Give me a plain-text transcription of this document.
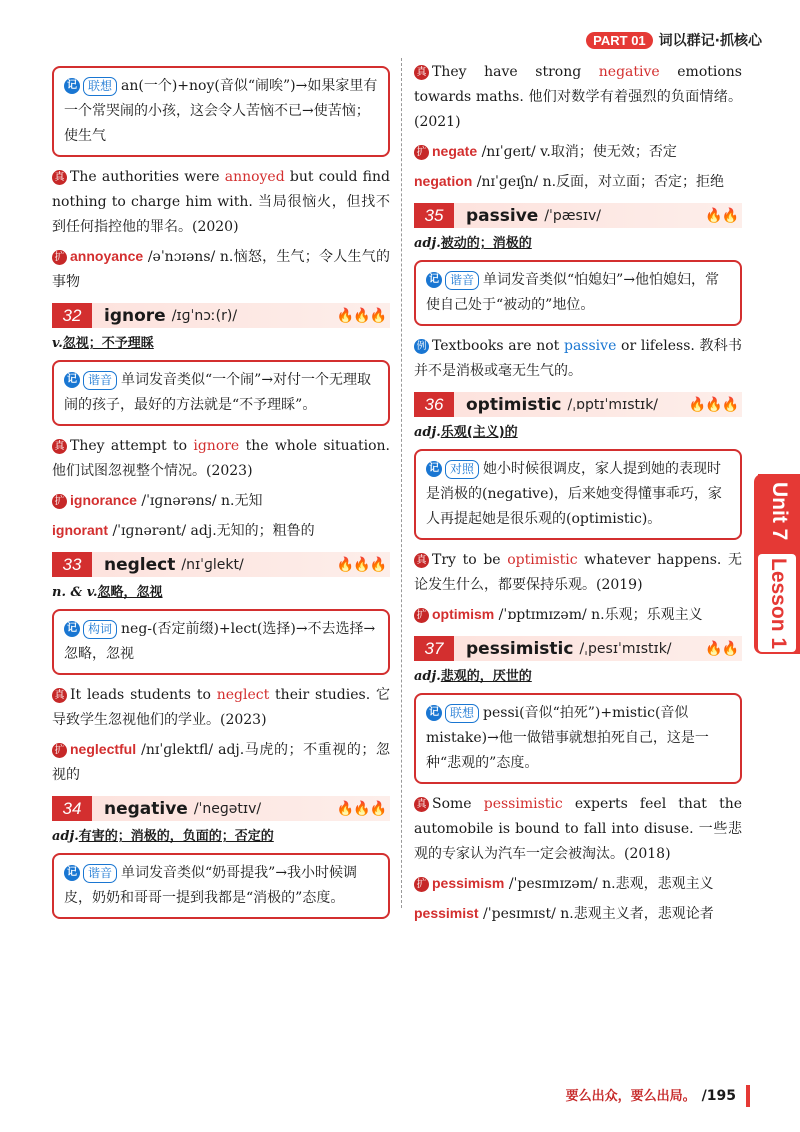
PART 01 词以群记·抓核心
记 联想 an(一个)+noy(音似“闹唉”)→如果家里有一个常哭闹的小孩，这会令人苦恼不已→使苦恼；使生气

真 The authorities were annoyed but could find nothing to charge him with. 当局很恼火，但找不到任何指控他的罪名。(2020)

扩 annoyance /əˈnɔɪəns/ n.恼怒，生气；令人生气的事物

32	ignore /ɪɡˈnɔː(r)/	🔥🔥🔥
v.忽视；不予理睬
记 谐音 单词发音类似“一个闹”→对付一个无理取闹的孩子，最好的方法就是“不予理睬”。

真 They attempt to ignore the whole situation. 他们试图忽视整个情况。(2023)

扩 ignorance /ˈɪɡnərəns/ n.无知

ignorant /ˈɪɡnərənt/ adj.无知的；粗鲁的

33	neglect /nɪˈɡlekt/	🔥🔥🔥
n. & v.忽略，忽视
记 构词 neg-(否定前缀)+lect(选择)→不去选择→忽略，忽视

真 It leads students to neglect their studies. 它导致学生忽视他们的学业。(2023)

扩 neglectful /nɪˈɡlektfl/ adj.马虎的；不重视的；忽视的

34	negative /ˈneɡətɪv/	🔥🔥🔥
adj.有害的；消极的，负面的；否定的
记 谐音 单词发音类似“奶哥提我”→我小时候调皮，奶奶和哥哥一提到我都是“消极的”态度。

真 They have strong negative emotions towards maths. 他们对数学有着强烈的负面情绪。(2021)

扩 negate /nɪˈɡeɪt/ v.取消；使无效；否定

negation /nɪˈɡeɪʃn/ n.反面，对立面；否定；拒绝

35	passive /ˈpæsɪv/	🔥🔥
adj.被动的；消极的
记 谐音 单词发音类似“怕媳妇”→他怕媳妇，常使自己处于“被动的”地位。

例 Textbooks are not passive or lifeless. 教科书并不是消极或毫无生气的。

36	optimistic /ˌɒptɪˈmɪstɪk/ 🔥🔥🔥
adj.乐观(主义)的
记 对照 她小时候很调皮，家人提到她的表现时是消极的(negative)，后来她变得懂事乖巧，家人再提起她是很乐观的(optimistic)。

真 Try to be optimistic whatever happens. 无论发生什么，都要保持乐观。(2019)

扩 optimism /ˈɒptɪmɪzəm/ n.乐观；乐观主义

37	pessimistic /ˌpesɪˈmɪstɪk/ 🔥🔥
adj.悲观的，厌世的
记 联想 pessi(音似“拍死”)+mistic(音似mistake)→他一做错事就想拍死自己，这是一种“悲观的”态度。

真 Some pessimistic experts feel that the automobile is bound to fall into disuse. 一些悲观的专家认为汽车一定会被淘汰。(2018)

扩 pessimism /ˈpesɪmɪzəm/ n.悲观，悲观主义

pessimist /ˈpesɪmɪst/ n.悲观主义者，悲观论者

Unit 7
Lesson 1
要么出众，要么出局。 /195
